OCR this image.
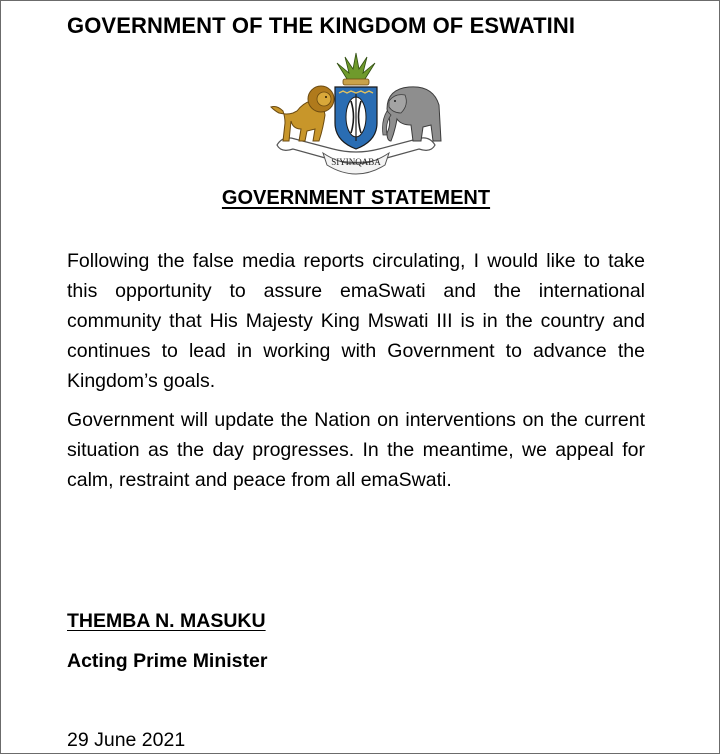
GOVERNMENT OF THE KINGDOM OF ESWATINI
SIYINQABA
GOVERNMENT STATEMENT

Following the false media reports circulating, I would like to take this opportunity to assure emaSwati and the international community that His Majesty King Mswati III is in the country and continues to lead in working with Government to advance the Kingdom’s goals.

Government will update the Nation on interventions on the current situation as the day progresses. In the meantime, we appeal for calm, restraint and peace from all emaSwati.

THEMBA N. MASUKU
Acting Prime Minister
29 June 2021
